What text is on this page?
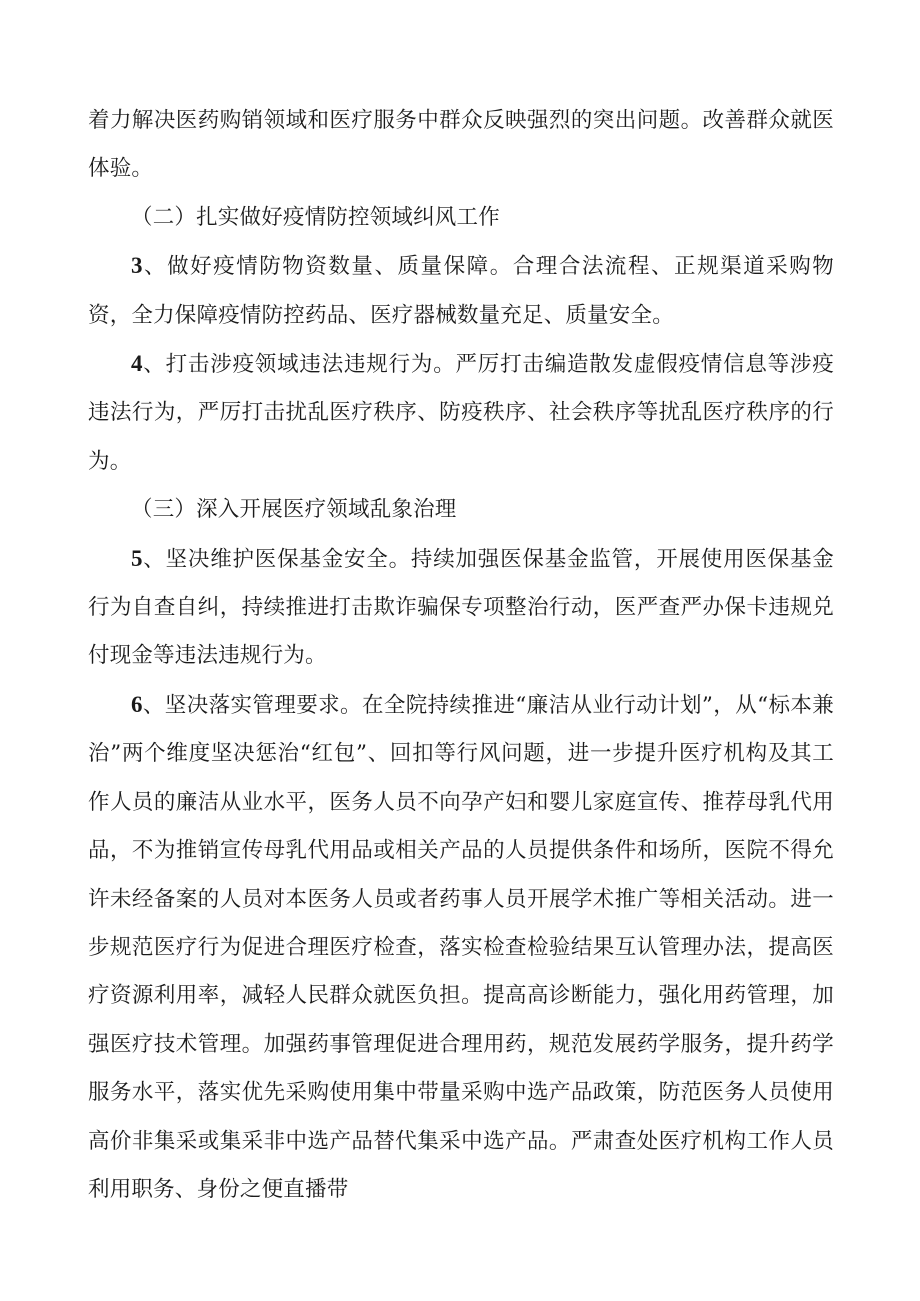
着力解决医药购销领域和医疗服务中群众反映强烈的突出问题。改善群众就医体验。

（二）扎实做好疫情防控领域纠风工作

3、做好疫情防物资数量、质量保障。合理合法流程、正规渠道采购物资，全力保障疫情防控药品、医疗器械数量充足、质量安全。

4、打击涉疫领域违法违规行为。严厉打击编造散发虚假疫情信息等涉疫违法行为，严厉打击扰乱医疗秩序、防疫秩序、社会秩序等扰乱医疗秩序的行为。

（三）深入开展医疗领域乱象治理

5、坚决维护医保基金安全。持续加强医保基金监管，开展使用医保基金行为自查自纠，持续推进打击欺诈骗保专项整治行动，医严查严办保卡违规兑付现金等违法违规行为。

6、坚决落实管理要求。在全院持续推进“廉洁从业行动计划”，从“标本兼治”两个维度坚决惩治“红包”、回扣等行风问题，进一步提升医疗机构及其工作人员的廉洁从业水平，医务人员不向孕产妇和婴儿家庭宣传、推荐母乳代用品，不为推销宣传母乳代用品或相关产品的人员提供条件和场所，医院不得允许未经备案的人员对本医务人员或者药事人员开展学术推广等相关活动。进一步规范医疗行为促进合理医疗检查，落实检查检验结果互认管理办法，提高医疗资源利用率，减轻人民群众就医负担。提高高诊断能力，强化用药管理，加强医疗技术管理。加强药事管理促进合理用药，规范发展药学服务，提升药学服务水平，落实优先采购使用集中带量采购中选产品政策，防范医务人员使用高价非集采或集采非中选产品替代集采中选产品。严肃查处医疗机构工作人员利用职务、身份之便直播带
